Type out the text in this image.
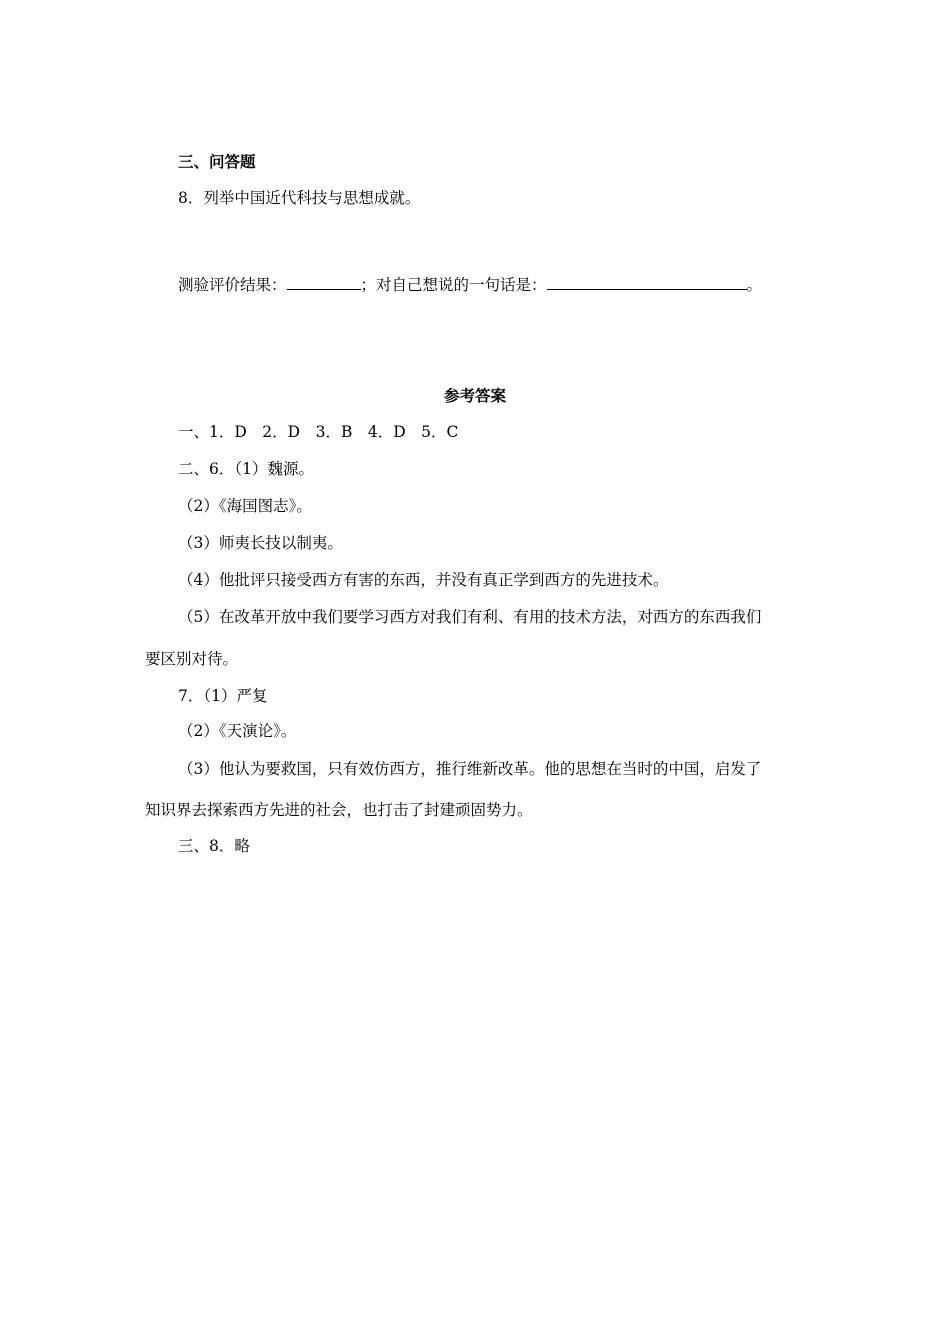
三、问答题
8．列举中国近代科技与思想成就。
测验评价结果：	；对自己想说的一句话是：	。
参考答案
一、1．D　2．D　3．B　4．D　5．C
二、6．（1）魏源。
（2）《海国图志》。
（3）师夷长技以制夷。
（4）他批评只接受西方有害的东西，并没有真正学到西方的先进技术。
（5）在改革开放中我们要学习西方对我们有利、有用的技术方法，对西方的东西我们
要区别对待。
7．（1）严复
（2）《天演论》。
（3）他认为要救国，只有效仿西方，推行维新改革。他的思想在当时的中国，启发了
知识界去探索西方先进的社会，也打击了封建顽固势力。
三、8．略
